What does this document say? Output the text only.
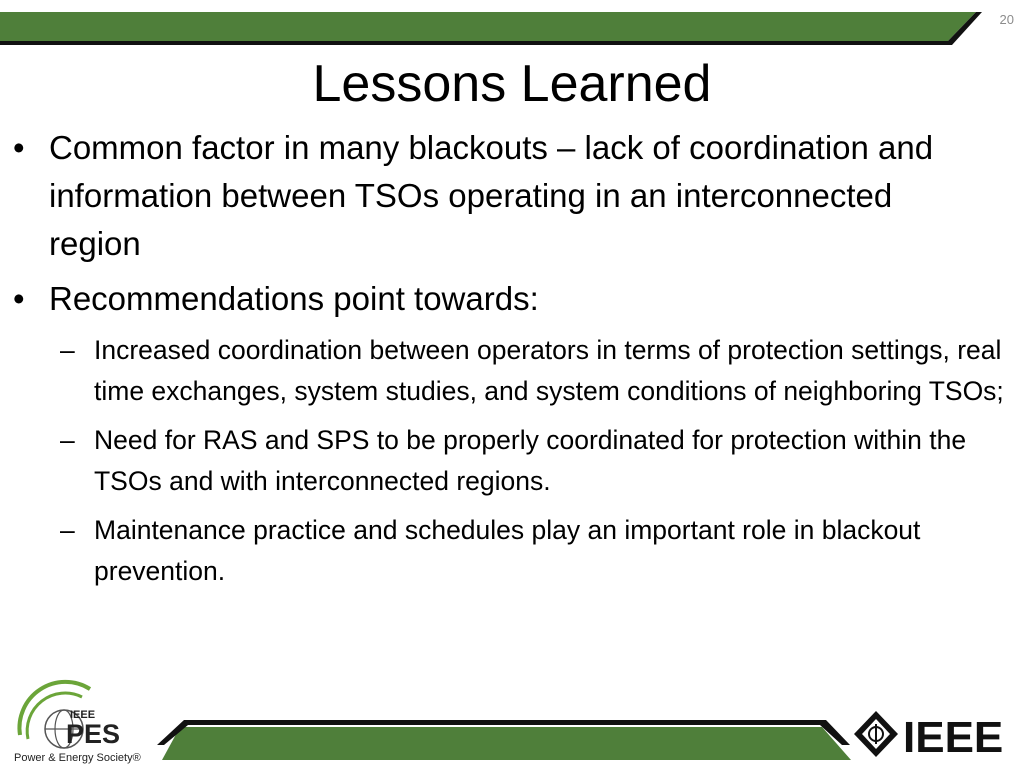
20
Lessons Learned
• Common factor in many blackouts – lack of coordination and information between TSOs operating in an interconnected region
• Recommendations point towards:
– Increased coordination between operators in terms of protection settings, real time exchanges, system studies, and system conditions of neighboring TSOs;
– Need for RAS and SPS to be properly coordinated for protection within the TSOs and with interconnected regions.
– Maintenance practice and schedules play an important role in blackout prevention.
IEEE
PES
Power & Energy Society®	IEEE
